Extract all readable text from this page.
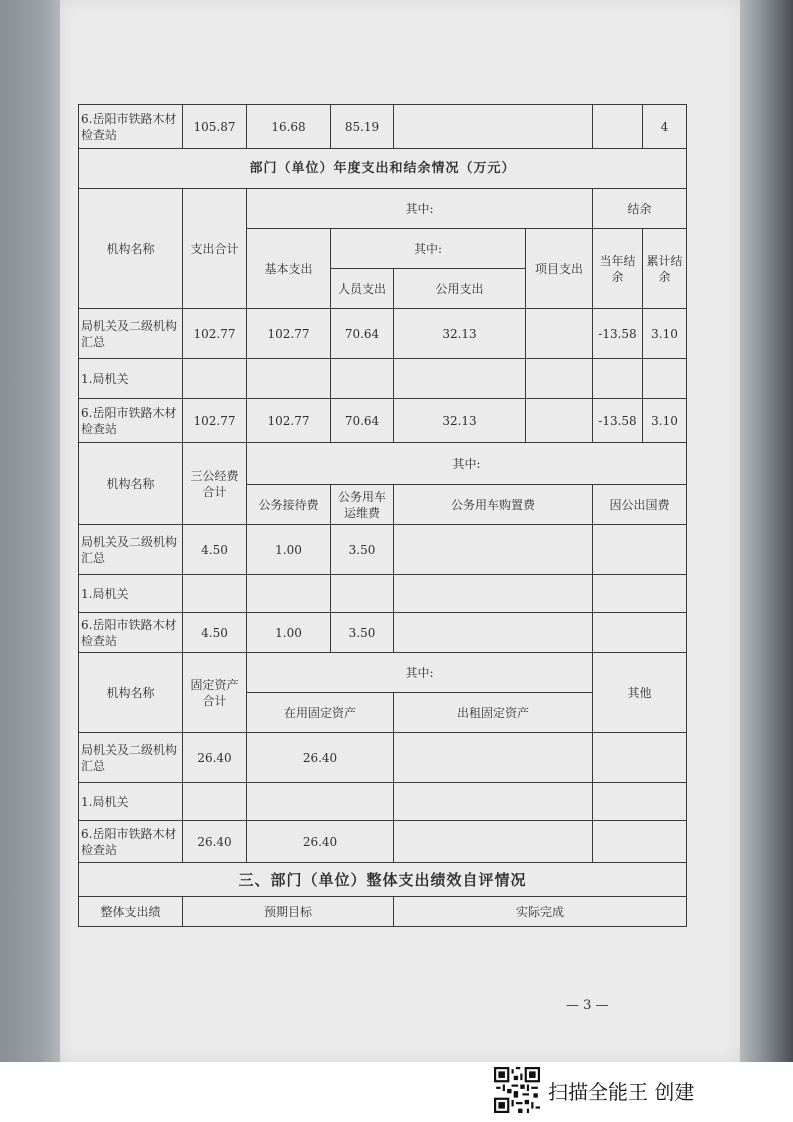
6.岳阳市铁路木材检查站	105.87	16.68	85.19				4
部门（单位）年度支出和结余情况（万元）							
机构名称	支出合计	其中:				结余	
		基本支出	其中:		项目支出	当年结余	累计结余
			人员支出	公用支出			
局机关及二级机构汇总	102.77	102.77	70.64	32.13		-13.58	3.10
1.局机关							
6.岳阳市铁路木材检查站	102.77	102.77	70.64	32.13		-13.58	3.10
机构名称	三公经费合计	其中:					
		公务接待费	公务用车运维费	公务用车购置费		因公出国费	
局机关及二级机构汇总	4.50	1.00	3.50				
1.局机关							
6.岳阳市铁路木材检查站	4.50	1.00	3.50				
机构名称	固定资产合计	其中:				其他	
		在用固定资产		出租固定资产			
局机关及二级机构汇总	26.40	26.40					
1.局机关							
6.岳阳市铁路木材检查站	26.40	26.40					
三、部门（单位）整体支出绩效自评情况							
整体支出绩	预期目标			实际完成			
— 3 —
扫描全能王 创建
